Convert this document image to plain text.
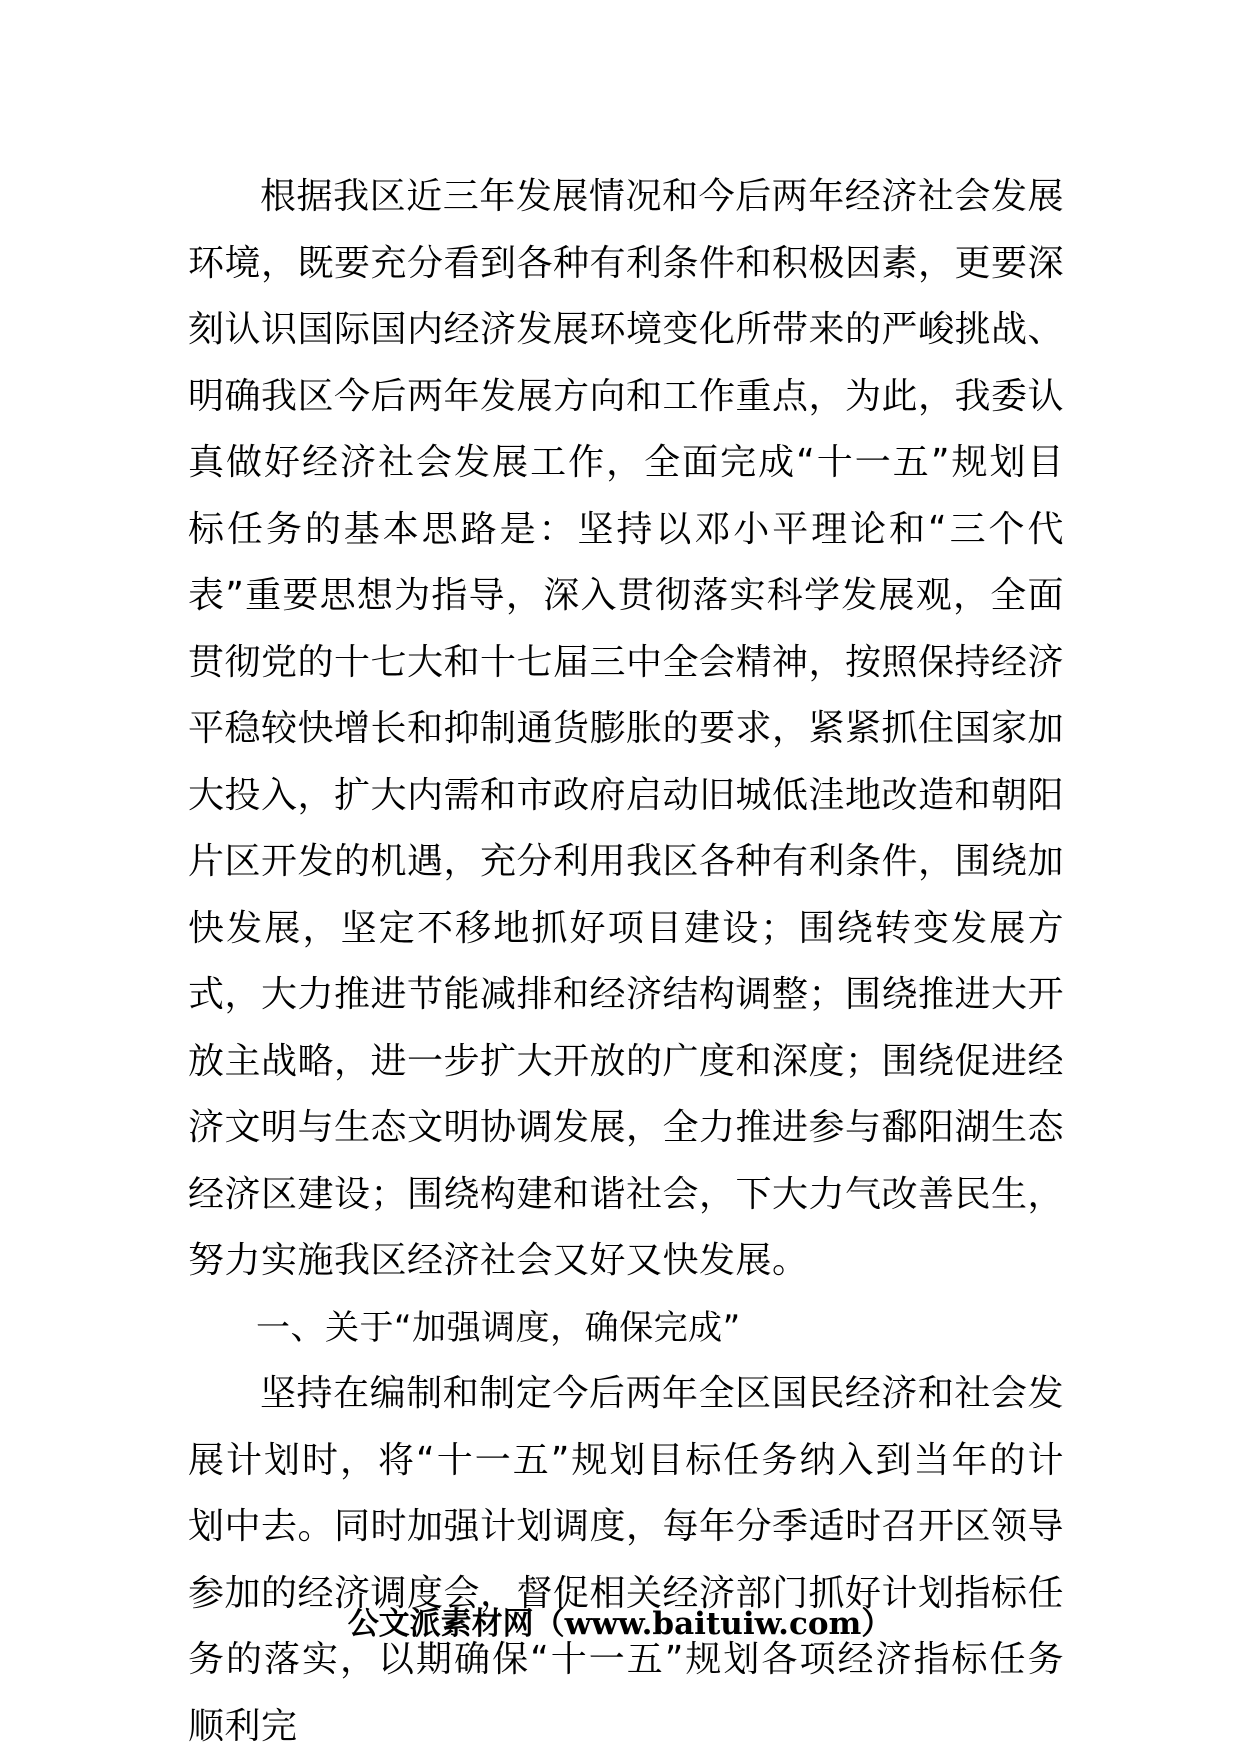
根据我区近三年发展情况和今后两年经济社会发展环境，既要充分看到各种有利条件和积极因素，更要深刻认识国际国内经济发展环境变化所带来的严峻挑战、明确我区今后两年发展方向和工作重点，为此，我委认真做好经济社会发展工作，全面完成“十一五”规划目标任务的基本思路是：坚持以邓小平理论和“三个代表”重要思想为指导，深入贯彻落实科学发展观，全面贯彻党的十七大和十七届三中全会精神，按照保持经济平稳较快增长和抑制通货膨胀的要求，紧紧抓住国家加大投入，扩大内需和市政府启动旧城低洼地改造和朝阳片区开发的机遇，充分利用我区各种有利条件，围绕加快发展，坚定不移地抓好项目建设；围绕转变发展方式，大力推进节能减排和经济结构调整；围绕推进大开放主战略，进一步扩大开放的广度和深度；围绕促进经济文明与生态文明协调发展，全力推进参与鄱阳湖生态经济区建设；围绕构建和谐社会，下大力气改善民生，努力实施我区经济社会又好又快发展。

一、关于“加强调度，确保完成”

坚持在编制和制定今后两年全区国民经济和社会发展计划时，将“十一五”规划目标任务纳入到当年的计划中去。同时加强计划调度，每年分季适时召开区领导参加的经济调度会，督促相关经济部门抓好计划指标任务的落实，以期确保“十一五”规划各项经济指标任务顺利完

公文派素材网（www.baituiw.com）
